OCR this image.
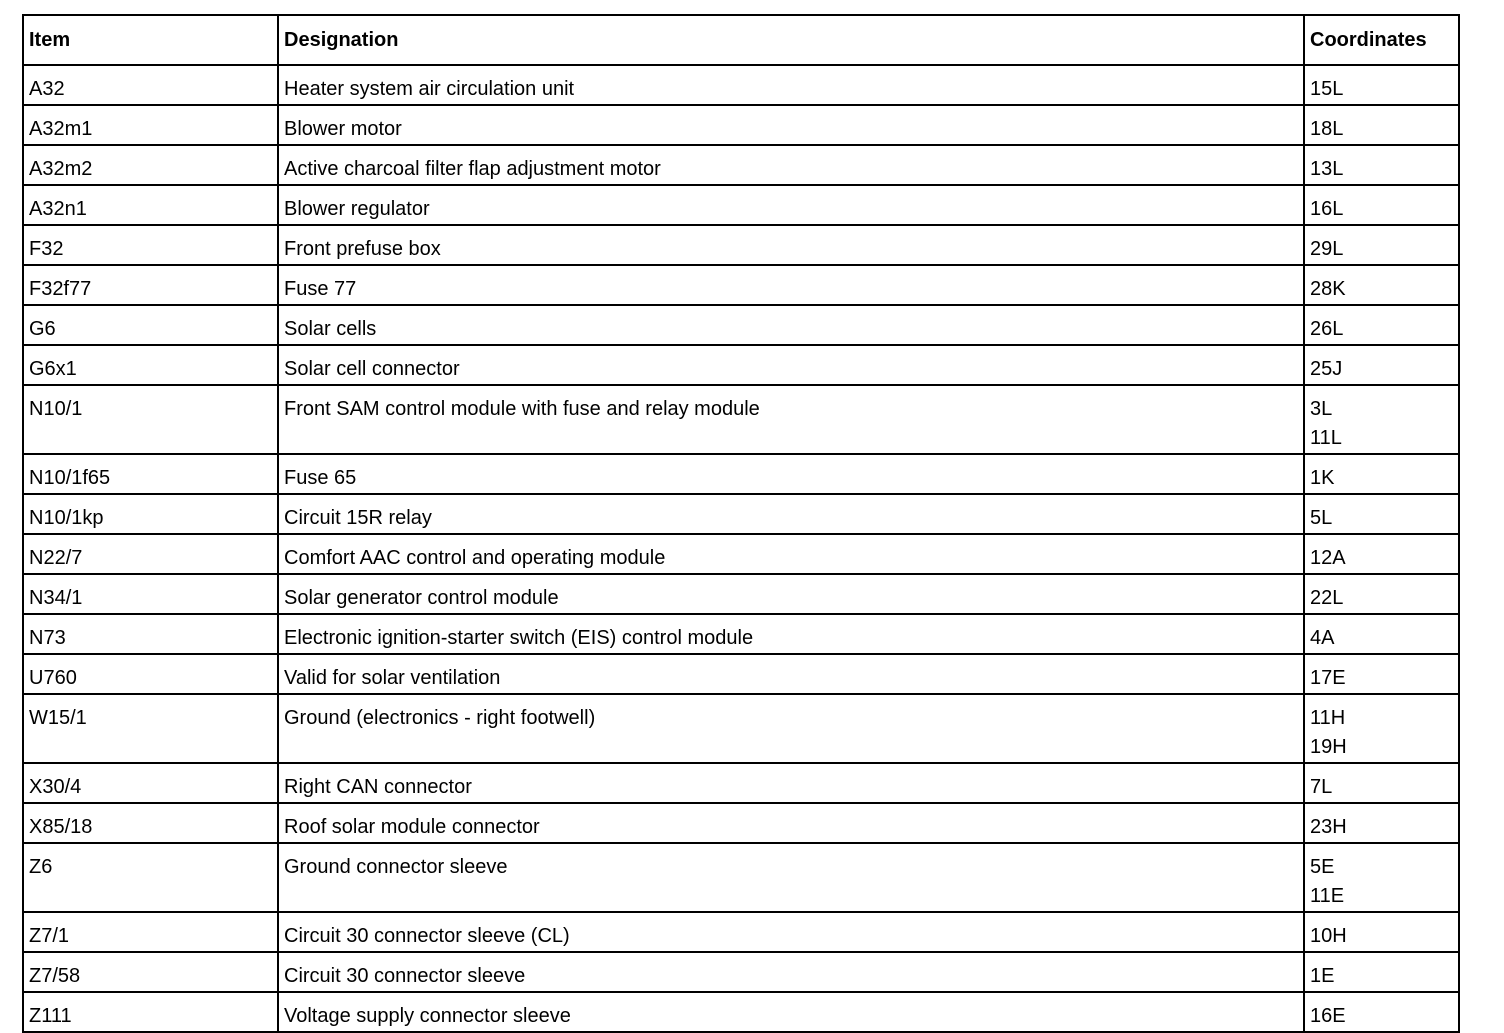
Item	Designation	Coordinates
A32	Heater system air circulation unit	15L

A32m1	Blower motor	18L

A32m2	Active charcoal filter flap adjustment motor	13L

A32n1	Blower regulator	16L

F32	Front prefuse box	29L

F32f77	Fuse 77	28K

G6	Solar cells	26L

G6x1	Solar cell connector	25J

N10/1	Front SAM control module with fuse and relay module	3L
11L

N10/1f65	Fuse 65	1K

N10/1kp	Circuit 15R relay	5L

N22/7	Comfort AAC control and operating module	12A

N34/1	Solar generator control module	22L

N73	Electronic ignition-starter switch (EIS) control module	4A

U760	Valid for solar ventilation	17E

W15/1	Ground (electronics - right footwell)	11H
19H

X30/4	Right CAN connector	7L

X85/18	Roof solar module connector	23H

Z6	Ground connector sleeve	5E
11E

Z7/1	Circuit 30 connector sleeve (CL)	10H

Z7/58	Circuit 30 connector sleeve	1E

Z111	Voltage supply connector sleeve	16E
